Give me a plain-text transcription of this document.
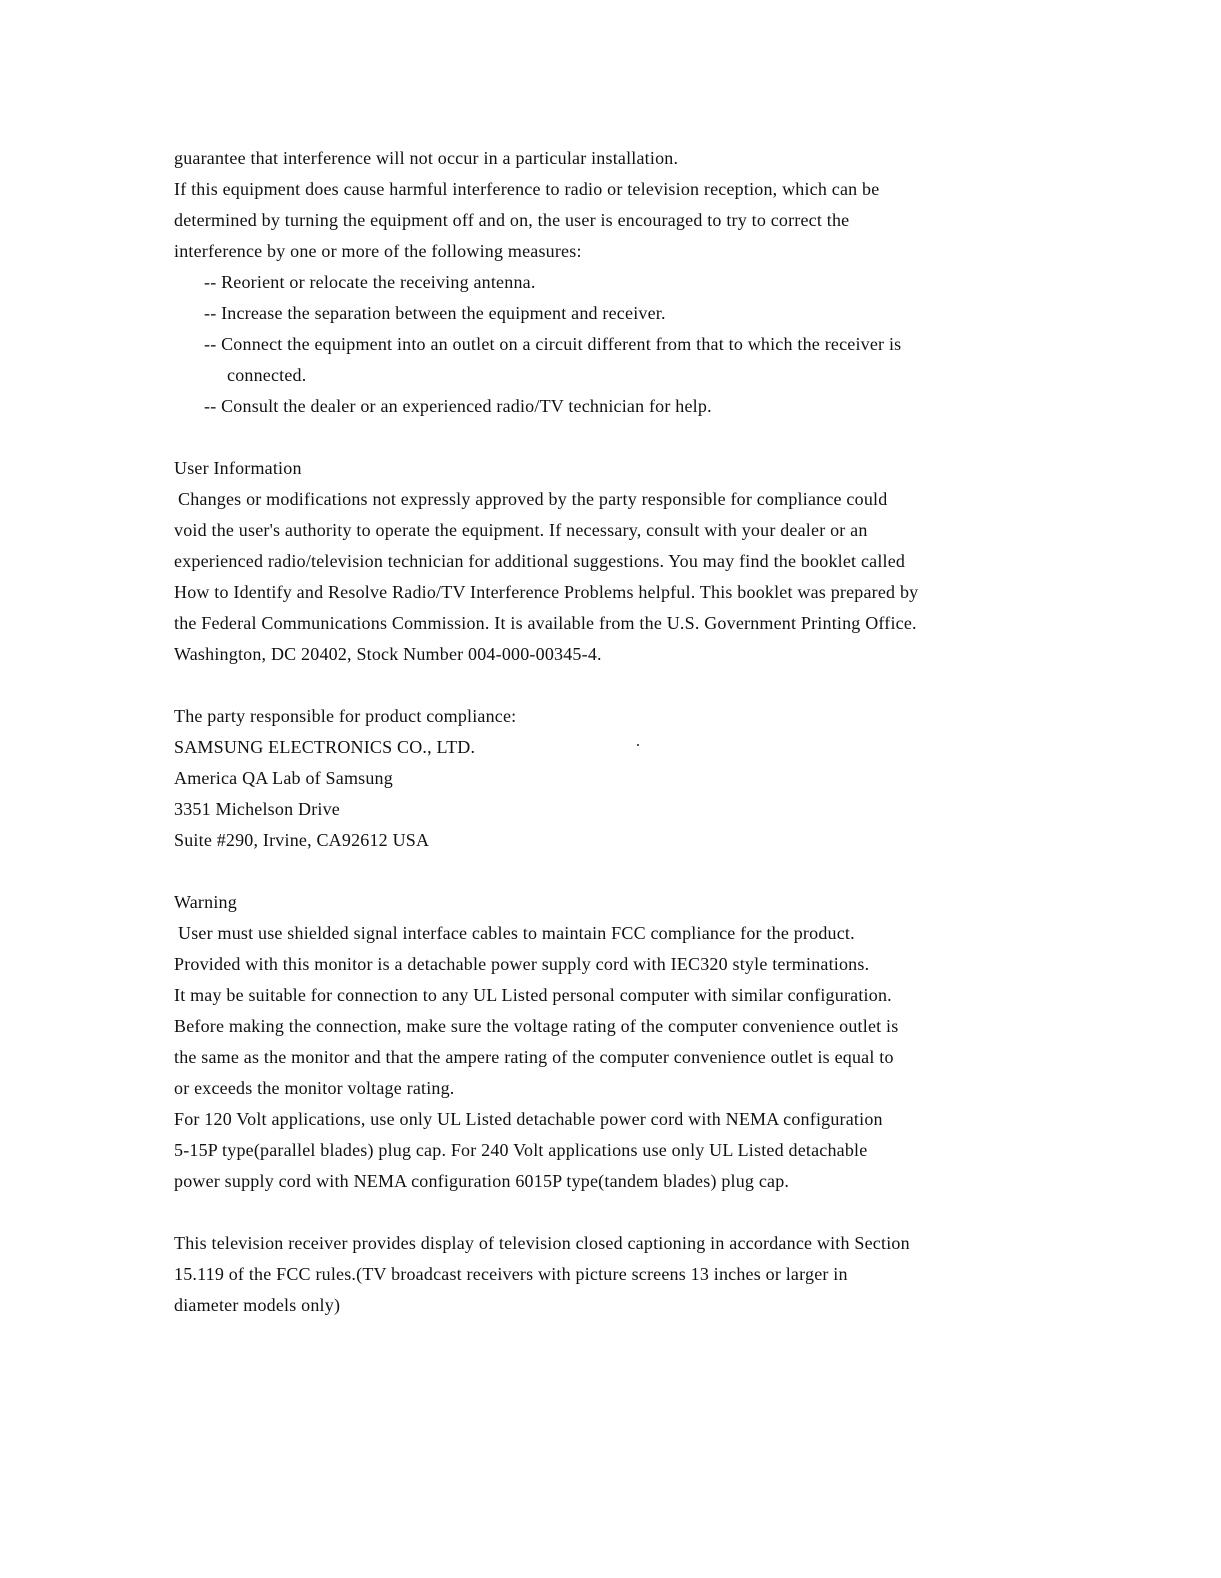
guarantee that interference will not occur in a particular installation.
If this equipment does cause harmful interference to radio or television reception, which can be
determined by turning the equipment off and on, the user is encouraged to try to correct the
interference by one or more of the following measures:
-- Reorient or relocate the receiving antenna.
-- Increase the separation between the equipment and receiver.
-- Connect the equipment into an outlet on a circuit different from that to which the receiver is
connected.
-- Consult the dealer or an experienced radio/TV technician for help.
User Information
Changes or modifications not expressly approved by the party responsible for compliance could
void the user's authority to operate the equipment. If necessary, consult with your dealer or an
experienced radio/television technician for additional suggestions. You may find the booklet called
How to Identify and Resolve Radio/TV Interference Problems helpful. This booklet was prepared by
the Federal Communications Commission. It is available from the U.S. Government Printing Office.
Washington, DC 20402, Stock Number 004-000-00345-4.
The party responsible for product compliance:
SAMSUNG ELECTRONICS CO., LTD.
America QA Lab of Samsung
3351 Michelson Drive
Suite #290, Irvine, CA92612 USA
Warning
User must use shielded signal interface cables to maintain FCC compliance for the product.
Provided with this monitor is a detachable power supply cord with IEC320 style terminations.
It may be suitable for connection to any UL Listed personal computer with similar configuration.
Before making the connection, make sure the voltage rating of the computer convenience outlet is
the same as the monitor and that the ampere rating of the computer convenience outlet is equal to
or exceeds the monitor voltage rating.
For 120 Volt applications, use only UL Listed detachable power cord with NEMA configuration
5-15P type(parallel blades) plug cap. For 240 Volt applications use only UL Listed detachable
power supply cord with NEMA configuration 6015P type(tandem blades) plug cap.
This television receiver provides display of television closed captioning in accordance with Section
15.119 of the FCC rules.(TV broadcast receivers with picture screens 13 inches or larger in
diameter models only)
